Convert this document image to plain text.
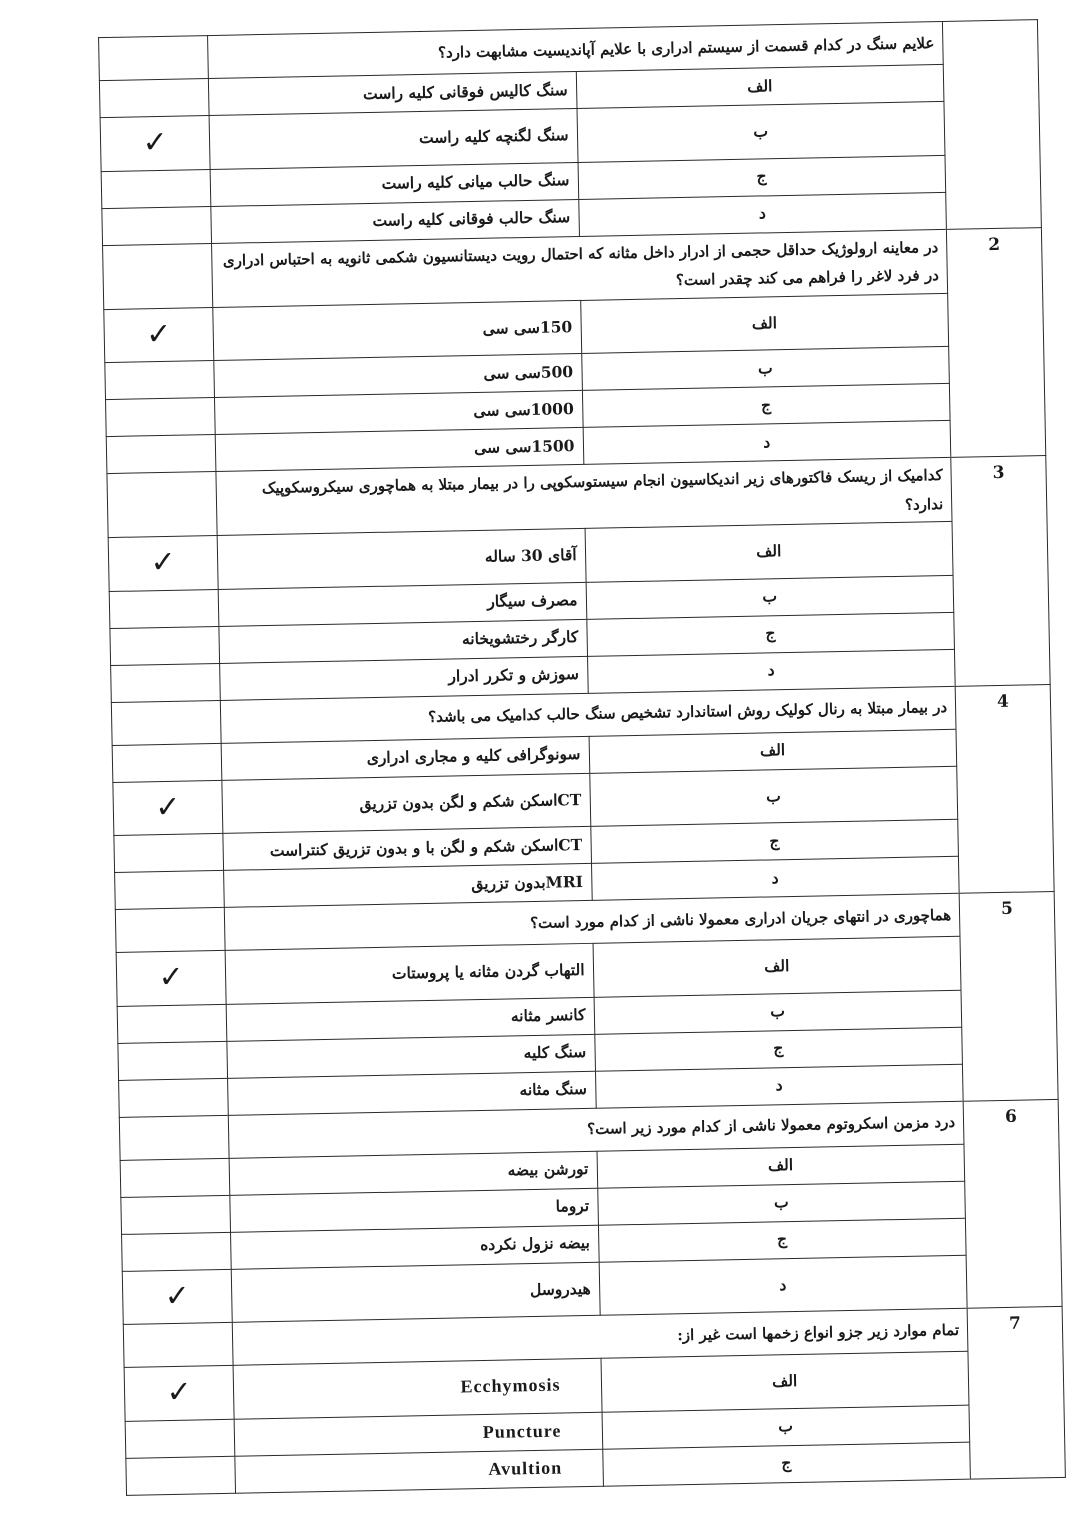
	علایم سنگ در کدام قسمت از سیستم ادراری با علایم آپاندیسیت مشابهت دارد؟		
	الف	سنگ کالیس فوقانی کلیه راست	
	ب	سنگ لگنچه کلیه راست	✓
	ج	سنگ حالب میانی کلیه راست	
	د	سنگ حالب فوقانی کلیه راست	
2	در معاینه ارولوژیک حداقل حجمی از ادرار داخل مثانه که احتمال رویت دیستانسیون شکمی ثانویه به احتباس ادراری در فرد لاغر را فراهم می کند چقدر است؟		
	الف	150سی سی	✓
	ب	500سی سی	
	ج	1000سی سی	
	د	1500سی سی	
3	کدامیک از ریسک فاکتورهای زیر اندیکاسیون انجام سیستوسکوپی را در بیمار مبتلا به هماچوری سیکروسکوپیک ندارد؟		
	الف	آقای 30 ساله	✓
	ب	مصرف سیگار	
	ج	کارگر رختشویخانه	
	د	سوزش و تکرر ادرار	
4	در بیمار مبتلا به رنال کولیک روش استاندارد تشخیص سنگ حالب کدامیک می باشد؟		
	الف	سونوگرافی کلیه و مجاری ادراری	
	ب	CTاسکن شکم و لگن بدون تزریق	✓
	ج	CTاسکن شکم و لگن با و بدون تزریق کنتراست	
	د	MRIبدون تزریق	
5	هماچوری در انتهای جریان ادراری معمولا ناشی از کدام مورد است؟		
	الف	التهاب گردن مثانه یا پروستات	✓
	ب	کانسر مثانه	
	ج	سنگ کلیه	
	د	سنگ مثانه	
6	درد مزمن اسکروتوم معمولا ناشی از کدام مورد زیر است؟		
	الف	تورشن بیضه	
	ب	تروما	
	ج	بیضه نزول نکرده	
	د	هیدروسل	✓
7	تمام موارد زیر جزو انواع زخمها است غیر از:		
	الف	Ecchymosis	✓
	ب	Puncture	
	ج	Avultion	
